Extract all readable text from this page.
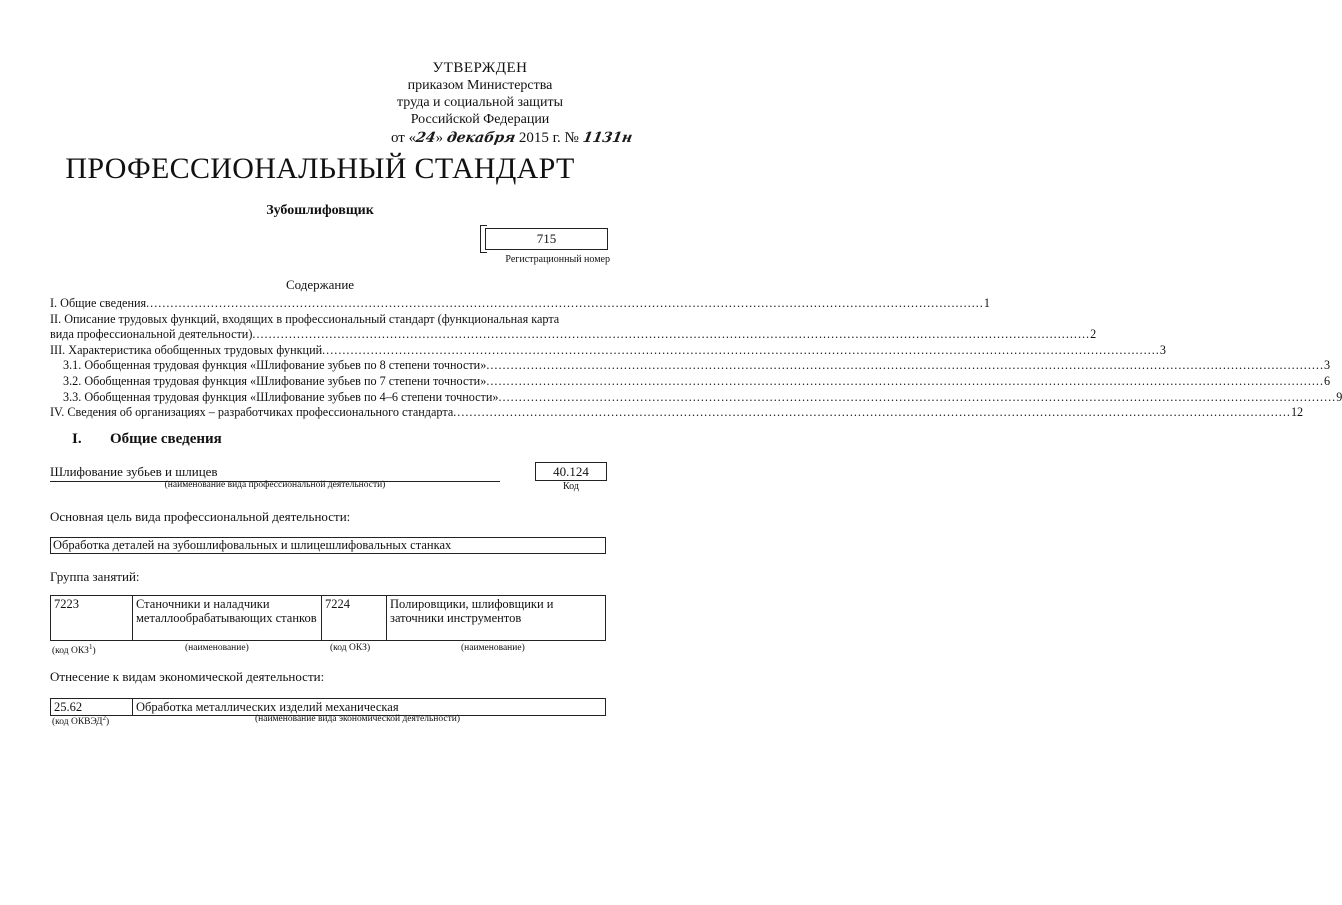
УТВЕРЖДЕН
приказом Министерства
труда и социальной защиты
Российской Федерации
от «24» декабря 2015 г. № 1131н
ПРОФЕССИОНАЛЬНЫЙ СТАНДАРТ
Зубошлифовщик
715
Регистрационный номер
Содержание
I. Общие сведения .....	1
II. Описание трудовых функций, входящих в профессиональный стандарт (функциональная карта
вида профессиональной деятельности) .....	2
III. Характеристика обобщенных трудовых функций .....	3
3.1. Обобщенная трудовая функция «Шлифование зубьев по 8 степени точности» .....	3
3.2. Обобщенная трудовая функция «Шлифование зубьев по 7 степени точности» .....	6
3.3. Обобщенная трудовая функция «Шлифование зубьев по 4–6 степени точности» .....	9
IV. Сведения об организациях – разработчиках профессионального стандарта .....	12
I. Общие сведения
Шлифование зубьев и шлицев
(наименование вида профессиональной деятельности)
40.124
Код
Основная цель вида профессиональной деятельности:
Обработка деталей на зубошлифовальных и шлицешлифовальных станках
Группа занятий:
7223	Станочники и наладчики металлообрабатывающих станков	7224	Полировщики, шлифовщики и заточники инструментов
(код ОКЗ$^1$)	(наименование)	(код ОКЗ)	(наименование)
Отнесение к видам экономической деятельности:
25.62	Обработка металлических изделий механическая
(код ОКВЭД$^2$)	(наименование вида экономической деятельности)
